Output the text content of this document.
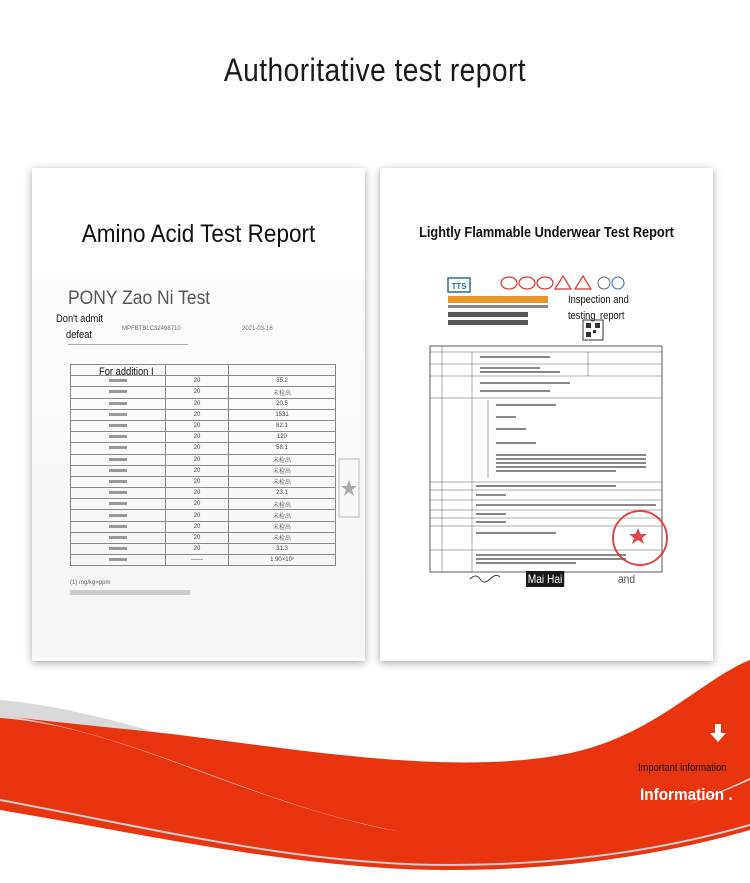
Authoritative test report
Amino Acid Test Report
PONY Zao Ni Test
Don't admit
defeat	MPFBTBLC32498710	2021-03-16

	20	35.2
	20	未检出
	20	20.5
	20	1531
	20	82.1
	20	120
	20	58.1
	20	未检出
	20	未检出
	20	未检出
	20	23.1
	20	未检出
	20	未检出
	20	未检出
	20	未检出
	20	31.3
	——	1.90×10³
For addition I
(1) mg/kg=ppm
Lightly Flammable Underwear Test Report
TTS
Inspection and testing report
Mai Hai	and
Important information
Information .
